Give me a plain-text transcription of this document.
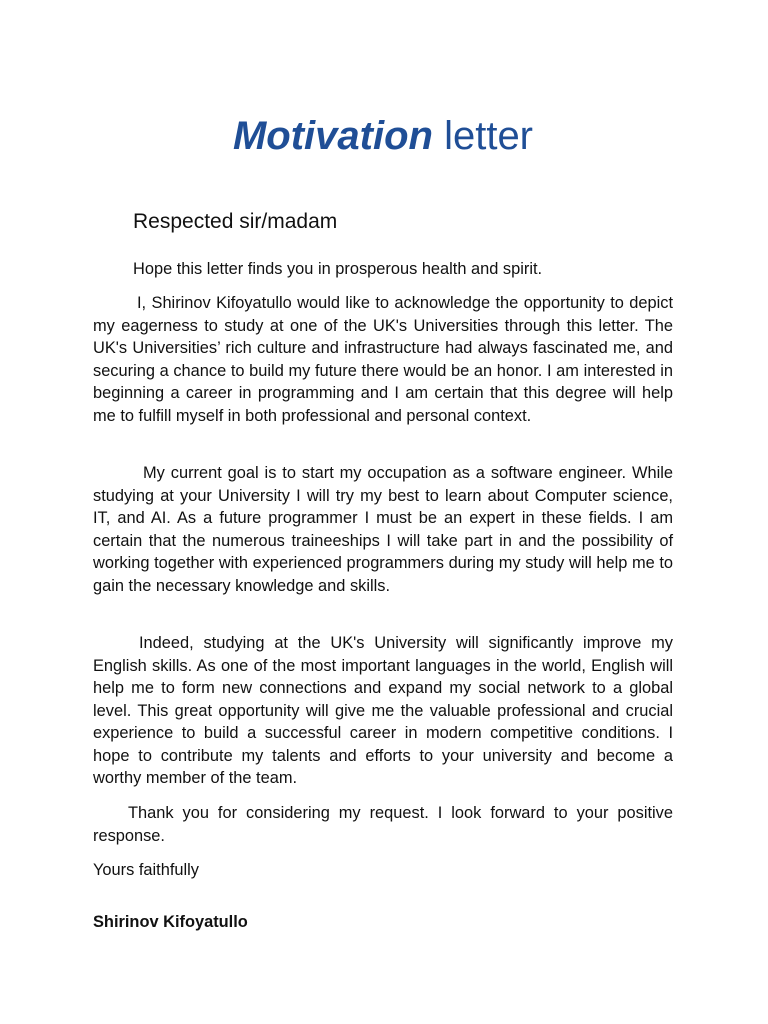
Motivation letter

Respected sir/madam

Hope this letter finds you in prosperous health and spirit.

I, Shirinov Kifoyatullo would like to acknowledge the opportunity to depict my eagerness to study at one of the UK's Universities through this letter. The UK's Universities’ rich culture and infrastructure had always fascinated me, and securing a chance to build my future there would be an honor. I am interested in beginning a career in programming and I am certain that this degree will help me to fulfill myself in both professional and personal context.

My current goal is to start my occupation as a software engineer. While studying at your University I will try my best to learn about Computer science, IT, and AI. As a future programmer I must be an expert in these fields. I am certain that the numerous traineeships I will take part in and the possibility of working together with experienced programmers during my study will help me to gain the necessary knowledge and skills.

Indeed, studying at the UK's University will significantly improve my English skills. As one of the most important languages in the world, English will help me to form new connections and expand my social network to a global level. This great opportunity will give me the valuable professional and crucial experience to build a successful career in modern competitive conditions. I hope to contribute my talents and efforts to your university and become a worthy member of the team.

Thank you for considering my request. I look forward to your positive response.

Yours faithfully

Shirinov Kifoyatullo
